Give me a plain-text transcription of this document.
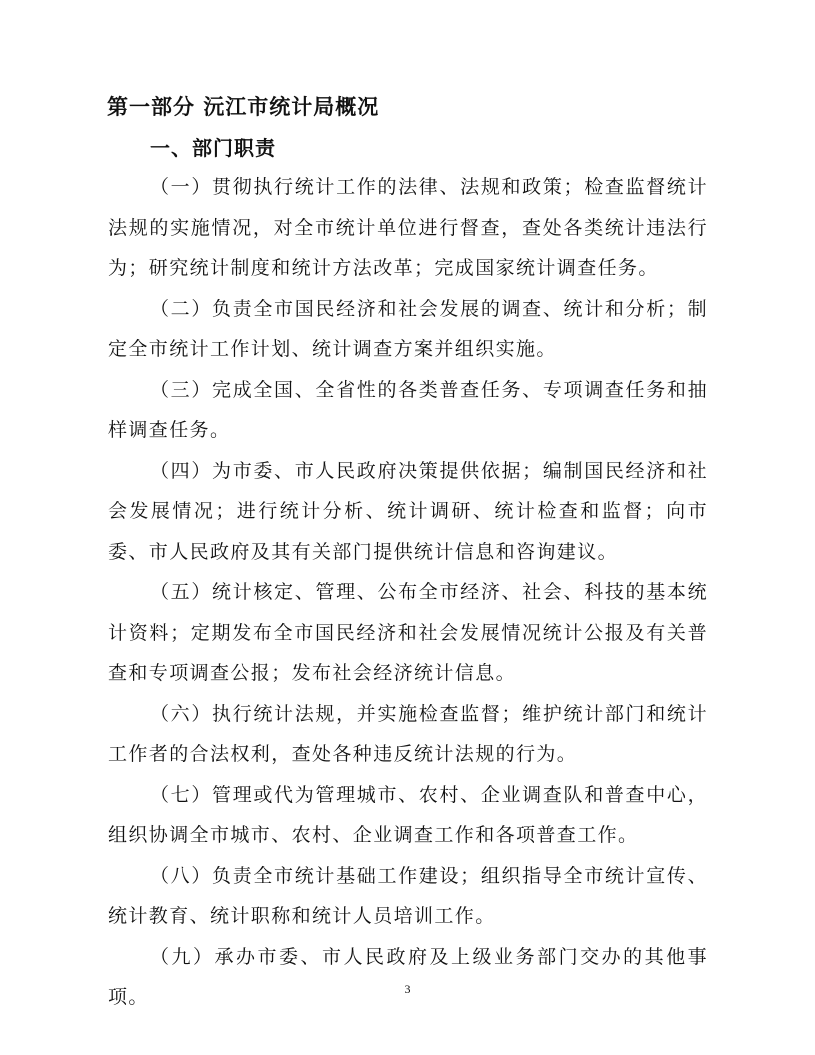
第一部分 沅江市统计局概况
一、部门职责

（一）贯彻执行统计工作的法律、法规和政策；检查监督统计法规的实施情况，对全市统计单位进行督查，查处各类统计违法行为；研究统计制度和统计方法改革；完成国家统计调查任务。

（二）负责全市国民经济和社会发展的调查、统计和分析；制定全市统计工作计划、统计调查方案并组织实施。

（三）完成全国、全省性的各类普查任务、专项调查任务和抽样调查任务。

（四）为市委、市人民政府决策提供依据；编制国民经济和社会发展情况；进行统计分析、统计调研、统计检查和监督；向市委、市人民政府及其有关部门提供统计信息和咨询建议。

（五）统计核定、管理、公布全市经济、社会、科技的基本统计资料；定期发布全市国民经济和社会发展情况统计公报及有关普查和专项调查公报；发布社会经济统计信息。

（六）执行统计法规，并实施检查监督；维护统计部门和统计工作者的合法权利，查处各种违反统计法规的行为。

（七）管理或代为管理城市、农村、企业调查队和普查中心，组织协调全市城市、农村、企业调查工作和各项普查工作。

（八）负责全市统计基础工作建设；组织指导全市统计宣传、统计教育、统计职称和统计人员培训工作。

（九）承办市委、市人民政府及上级业务部门交办的其他事项。	3
